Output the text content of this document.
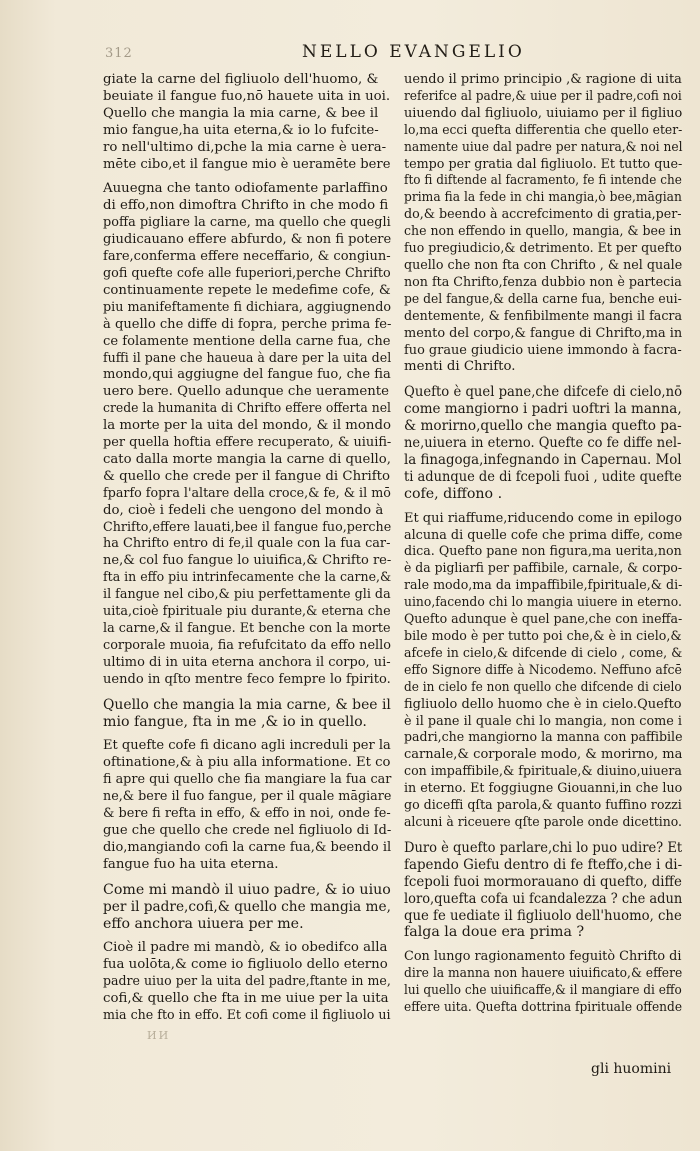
312	NELLO EVANGELIO
giate la carne del figliuolo dell'huomo, &
beuiate il fangue fuo,nō hauete uita in uoi.
Quello che mangia la mia carne, & bee il
mio fangue,ha uita eterna,& io lo fufcite-
ro nell'ultimo di,pche la mia carne è uera-
mēte cibo,et il fangue mio è ueramēte bere
Auuegna che tanto odiofamente parlaffino
di effo,non dimoftra Chrifto in che modo fi
poffa pigliare la carne, ma quello che quegli
giudicauano effere abfurdo, & non fi potere
fare,conferma effere neceffario, & congiun-
gofi quefte cofe alle fuperiori,perche Chrifto
continuamente repete le medefime cofe, &
piu manifeftamente fi dichiara, aggiugnendo
à quello che diffe di fopra, perche prima fe-
ce folamente mentione della carne fua, che
fuffi il pane che haueua à dare per la uita del
mondo,qui aggiugne del fangue fuo, che fia
uero bere. Quello adunque che ueramente
crede la humanita di Chrifto effere offerta nel
la morte per la uita del mondo, & il mondo
per quella hoftia effere recuperato, & uiuifi-
cato dalla morte mangia la carne di quello,
& quello che crede per il fangue di Chrifto
fparfo fopra l'altare della croce,& fe, & il mō
do, cioè i fedeli che uengono del mondo à
Chrifto,effere lauati,bee il fangue fuo,perche
ha Chrifto entro di fe,il quale con la fua car-
ne,& col fuo fangue lo uiuifica,& Chrifto re-
fta in effo piu intrinfecamente che la carne,&
il fangue nel cibo,& piu perfettamente gli da
uita,cioè fpirituale piu durante,& eterna che
la carne,& il fangue. Et benche con la morte
corporale muoia, fia refufcitato da effo nello
ultimo di in uita eterna anchora il corpo, ui-
uendo in qſto mentre feco fempre lo fpirito.
Quello che mangia la mia carne, & bee il
mio fangue, fta in me ,& io in quello.
Et quefte cofe fi dicano agli increduli per la
oftinatione,& à piu alla informatione. Et co
fi apre qui quello che fia mangiare la fua car
ne,& bere il fuo fangue, per il quale māgiare
& bere fi refta in effo, & effo in noi, onde fe-
gue che quello che crede nel figliuolo di Id-
dio,mangiando cofi la carne fua,& beendo il
fangue fuo ha uita eterna.
Come mi mandò il uiuo padre, & io uiuo
per il padre,cofi,& quello che mangia me,
effo anchora uiuera per me.
Cioè il padre mi mandò, & io obedifco alla
fua uolōta,& come io figliuolo dello eterno
padre uiuo per la uita del padre,ftante in me,
cofi,& quello che fta in me uiue per la uita
mia che fto in effo. Et cofi come il figliuolo ui
uendo il primo principio ,& ragione di uita
referifce al padre,& uiue per il padre,cofi noi
uiuendo dal figliuolo, uiuiamo per il figliuo
lo,ma ecci quefta differentia che quello eter-
namente uiue dal padre per natura,& noi nel
tempo per gratia dal figliuolo. Et tutto que-
fto fi diftende al facramento, fe fi intende che
prima fia la fede in chi mangia,ò bee,māgian
do,& beendo à accrefcimento di gratia,per-
che non effendo in quello, mangia, & bee in
fuo pregiudicio,& detrimento. Et per quefto
quello che non fta con Chrifto , & nel quale
non fta Chrifto,fenza dubbio non è partecia
pe del fangue,& della carne fua, benche eui-
dentemente, & fenfibilmente mangi il facra
mento del corpo,& fangue di Chrifto,ma in
fuo graue giudicio uiene immondo à facra-
menti di Chrifto.
Quefto è quel pane,che difcefe di cielo,nō
come mangiorno i padri uoftri la manna,
& morirno,quello che mangia quefto pa-
ne,uiuera in eterno. Quefte co fe diffe nel-
la finagoga,infegnando in Capernau. Mol
ti adunque de di fcepoli fuoi , udite quefte
cofe, diffono .
Et qui riaffume,riducendo come in epilogo
alcuna di quelle cofe che prima diffe, come
dica. Quefto pane non figura,ma uerita,non
è da pigliarfi per paffibile, carnale, & corpo-
rale modo,ma da impaffibile,fpirituale,& di-
uino,facendo chi lo mangia uiuere in eterno.
Quefto adunque è quel pane,che con ineffa-
bile modo è per tutto poi che,& è in cielo,&
afcefe in cielo,& difcende di cielo , come, &
effo Signore diffe à Nicodemo. Neffuno afcē
de in cielo fe non quello che difcende di cielo
figliuolo dello huomo che è in cielo.Quefto
è il pane il quale chi lo mangia, non come i
padri,che mangiorno la manna con paffibile
carnale,& corporale modo, & morirno, ma
con impaffibile,& fpirituale,& diuino,uiuera
in eterno. Et foggiugne Giouanni,in che luo
go diceffi qſta parola,& quanto fuffino rozzi
alcuni à riceuere qſte parole onde dicettino.
Duro è quefto parlare,chi lo puo udire? Et
fapendo Giefu dentro di fe fteffo,che i di-
fcepoli fuoi mormorauano di quefto, diffe
loro,quefta cofa ui fcandalezza ? che adun
que fe uediate il figliuolo dell'huomo, che
falga la doue era prima ?
Con lungo ragionamento feguitò Chrifto di
dire la manna non hauere uiuificato,& effere
lui quello che uiuificaffe,& il mangiare di effo
effere uita. Quefta dottrina fpirituale offende
ИИ
gli huomini
